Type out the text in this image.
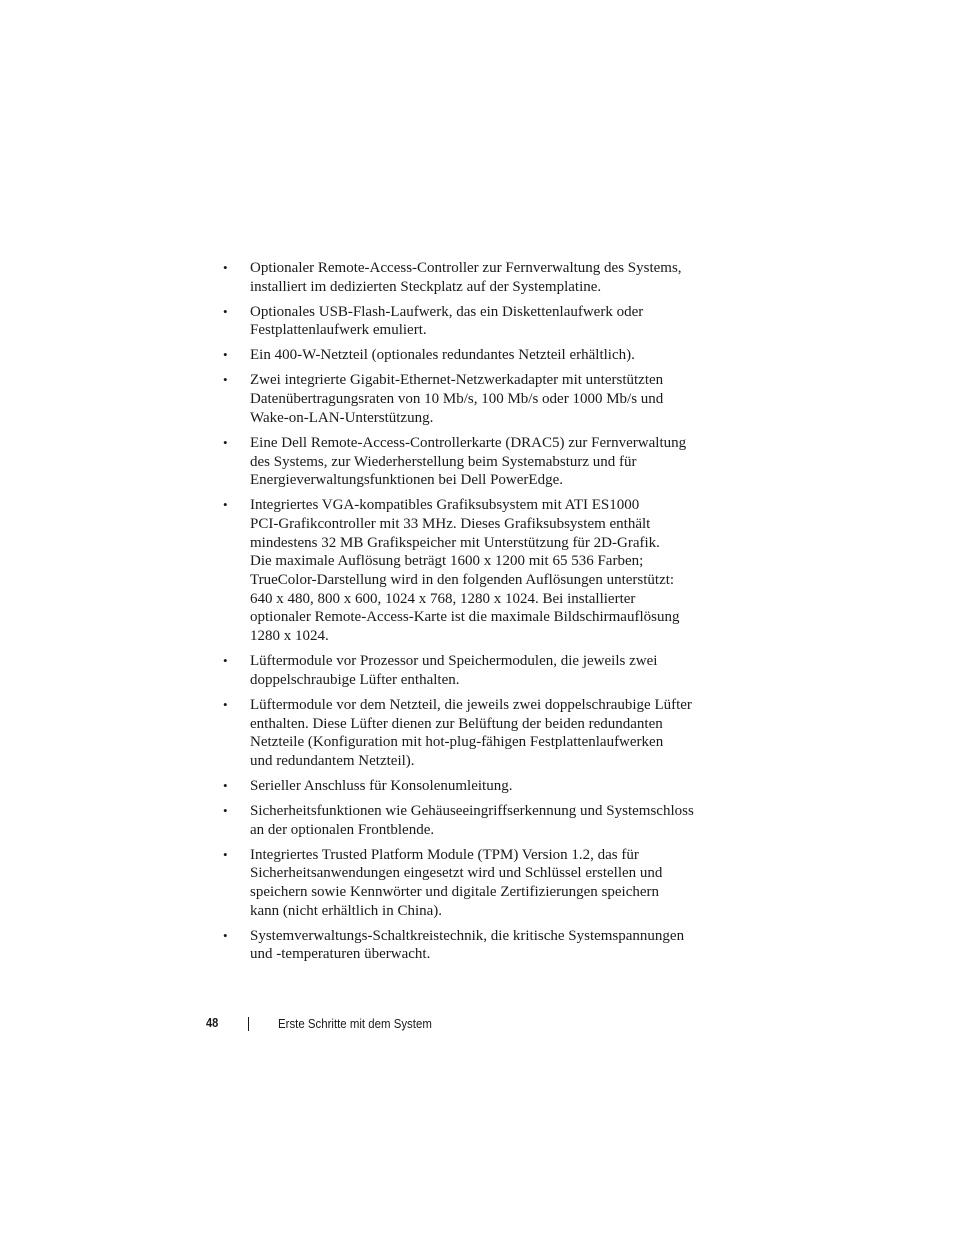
• Optionaler Remote-Access-Controller zur Fernverwaltung des Systems,
installiert im dedizierten Steckplatz auf der Systemplatine.
• Optionales USB-Flash-Laufwerk, das ein Diskettenlaufwerk oder
Festplattenlaufwerk emuliert.
• Ein 400-W-Netzteil (optionales redundantes Netzteil erhältlich).
• Zwei integrierte Gigabit-Ethernet-Netzwerkadapter mit unterstützten
Datenübertragungsraten von 10 Mb/s, 100 Mb/s oder 1000 Mb/s und
Wake-on-LAN-Unterstützung.
• Eine Dell Remote-Access-Controllerkarte (DRAC5) zur Fernverwaltung
des Systems, zur Wiederherstellung beim Systemabsturz und für
Energieverwaltungsfunktionen bei Dell PowerEdge.
• Integriertes VGA-kompatibles Grafiksubsystem mit ATI ES1000
PCI-Grafikcontroller mit 33 MHz. Dieses Grafiksubsystem enthält
mindestens 32 MB Grafikspeicher mit Unterstützung für 2D-Grafik.
Die maximale Auflösung beträgt 1600 x 1200 mit 65 536 Farben;
TrueColor-Darstellung wird in den folgenden Auflösungen unterstützt:
640 x 480, 800 x 600, 1024 x 768, 1280 x 1024. Bei installierter
optionaler Remote-Access-Karte ist die maximale Bildschirmauflösung
1280 x 1024.
• Lüftermodule vor Prozessor und Speichermodulen, die jeweils zwei
doppelschraubige Lüfter enthalten.
• Lüftermodule vor dem Netzteil, die jeweils zwei doppelschraubige Lüfter
enthalten. Diese Lüfter dienen zur Belüftung der beiden redundanten
Netzteile (Konfiguration mit hot-plug-fähigen Festplattenlaufwerken
und redundantem Netzteil).
• Serieller Anschluss für Konsolenumleitung.
• Sicherheitsfunktionen wie Gehäuseeingriffserkennung und Systemschloss
an der optionalen Frontblende.
• Integriertes Trusted Platform Module (TPM) Version 1.2, das für
Sicherheitsanwendungen eingesetzt wird und Schlüssel erstellen und
speichern sowie Kennwörter und digitale Zertifizierungen speichern
kann (nicht erhältlich in China).
• Systemverwaltungs-Schaltkreistechnik, die kritische Systemspannungen
und -temperaturen überwacht.
48	Erste Schritte mit dem System
